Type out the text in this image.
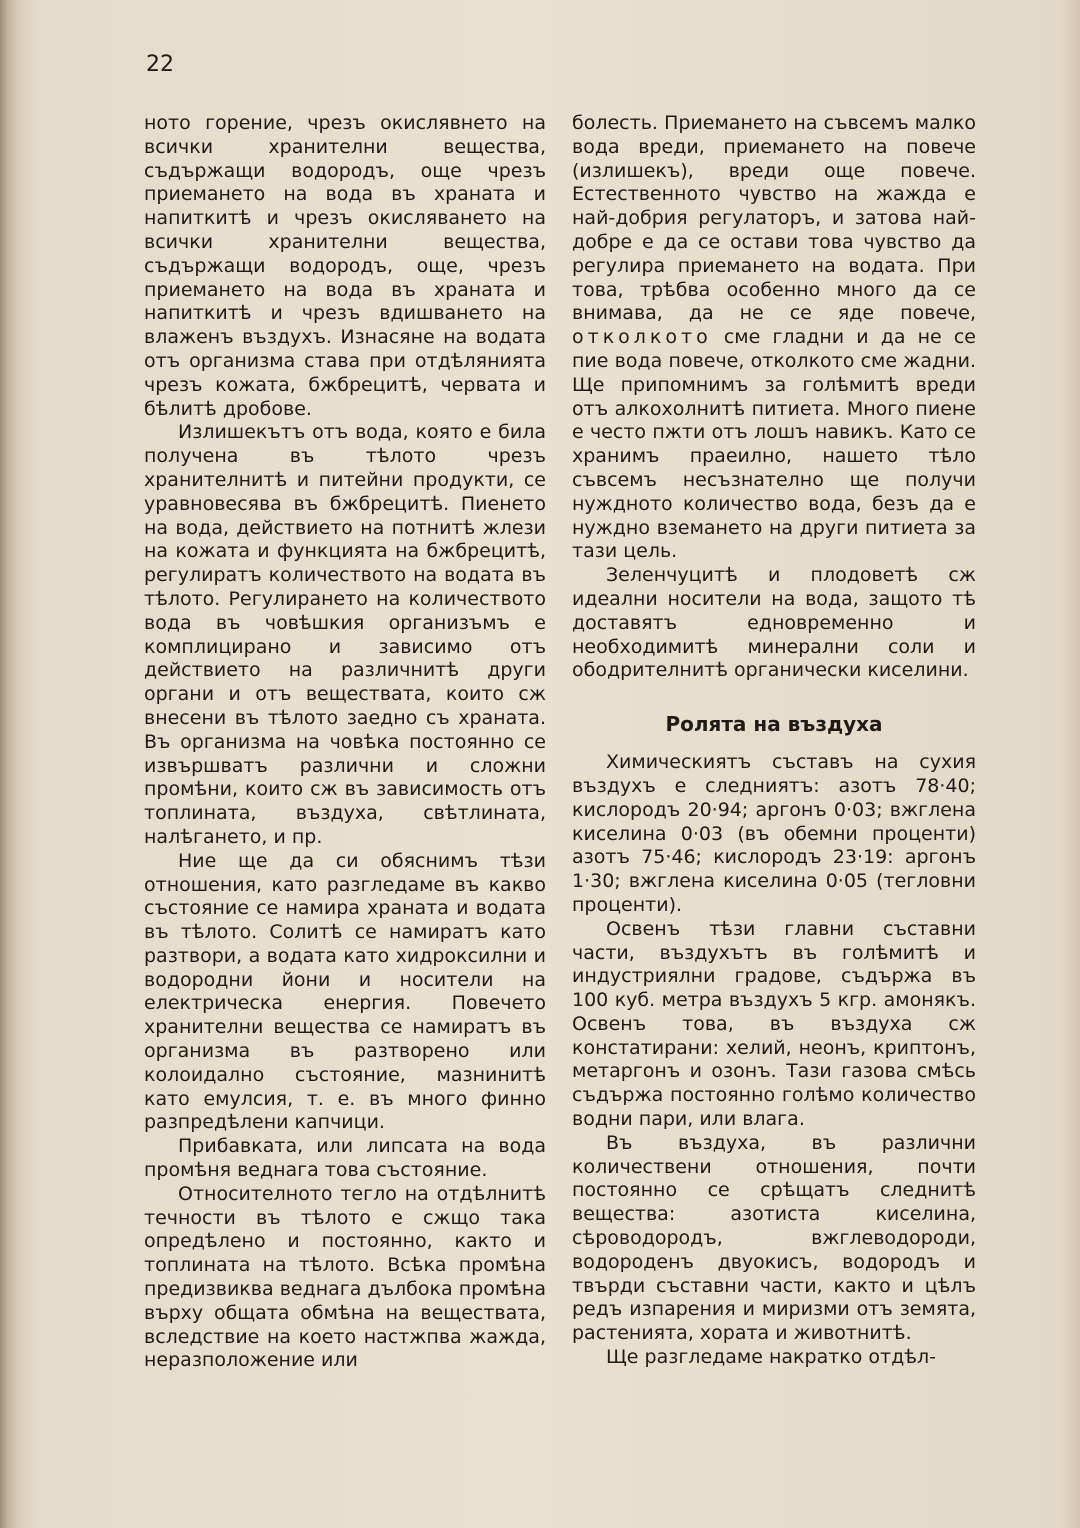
22

ното горение, чрезъ окислявнето на всички хранителни вещества, съдържащи водородъ, още чрезъ приемането на вода въ храната и напиткитѣ и чрезъ окисляването на всички хранителни вещества, съдържащи водородъ, още, чрезъ приемането на вода въ храната и напиткитѣ и чрезъ вдишването на влаженъ въздухъ. Изнасяне на водата отъ организма става при отдѣлянията чрезъ кожата, бжбрецитѣ, червата и бѣлитѣ дробове.

Излишекътъ отъ вода, която е била получена въ тѣлото чрезъ хранителнитѣ и питейни продукти, се уравновесява въ бжбрецитѣ. Пиенето на вода, действието на потнитѣ жлези на кожата и функцията на бжбрецитѣ, регулиратъ количеството на водата въ тѣлото. Регулирането на количеството вода въ човѣшкия организъмъ е комплицирано и зависимо отъ действието на различнитѣ други органи и отъ веществата, които сж внесени въ тѣлото заедно съ храната. Въ организма на човѣка постоянно се извършватъ различни и сложни промѣни, които сж въ зависимость отъ топлината, въздуха, свѣтлината, налѣгането, и пр.

Ние ще да си обяснимъ тѣзи отношения, като разгледаме въ какво състояние се намира храната и водата въ тѣлото. Солитѣ се намиратъ като разтвори, а водата като хидроксилни и водородни йони и носители на електрическа енергия. Повечето хранителни вещества се намиратъ въ организма въ разтворено или колоидално състояние, мазнинитѣ като емулсия, т. е. въ много финно разпредѣлени капчици.

Прибавката, или липсата на вода промѣня веднага това състояние.

Относителното тегло на отдѣлнитѣ течности въ тѣлото е сжщо така опредѣлено и постоянно, както и топлината на тѣлото. Всѣка промѣна предизвиква веднага дълбока промѣна върху общата обмѣна на веществата, вследствие на което настжпва жажда, неразположение или

болесть. Приемането на съвсемъ малко вода вреди, приемането на повече (излишекъ), вреди още повече. Естественното чувство на жажда е най-добрия регулаторъ, и затова най-добре е да се остави това чувство да регулира приемането на водата. При това, трѣбва особенно много да се внимава, да не се яде повече, отколкото сме гладни и да не се пие вода повече, отколкото сме жадни. Ще припомнимъ за голѣмитѣ вреди отъ алкохолнитѣ питиета. Много пиене е често пжти отъ лошъ навикъ. Като се хранимъ праеилно, нашето тѣло съвсемъ несъзнателно ще получи нуждното количество вода, безъ да е нуждно вземането на други питиета за тази цель.

Зеленчуцитѣ и плодоветѣ сж идеални носители на вода, защото тѣ доставятъ едновременно и необходимитѣ минерални соли и ободрителнитѣ органически киселини.

Ролята на въздуха

Химическиятъ съставъ на сухия въздухъ е следниятъ: азотъ 78·40; кислородъ 20·94; аргонъ 0·03; вжглена киселина 0·03 (въ обемни проценти) азотъ 75·46; кислородъ 23·19: аргонъ 1·30; вжглена киселина 0·05 (тегловни проценти).

Освенъ тѣзи главни съставни части, въздухътъ въ голѣмитѣ и индустриялни градове, съдържа въ 100 куб. метра въздухъ 5 кгр. амонякъ. Освенъ това, въ въздуха сж констатирани: хелий, неонъ, криптонъ, метаргонъ и озонъ. Тази газова смѣсь съдържа постоянно голѣмо количество водни пари, или влага.

Въ въздуха, въ различни количествени отношения, почти постоянно се срѣщатъ следнитѣ вещества: азотиста киселина, сѣроводородъ, вжглеводороди, водороденъ двуокисъ, водородъ и твърди съставни части, както и цѣлъ редъ изпарения и миризми отъ земята, растенията, хората и животнитѣ.

Ще разгледаме накратко отдѣл-
